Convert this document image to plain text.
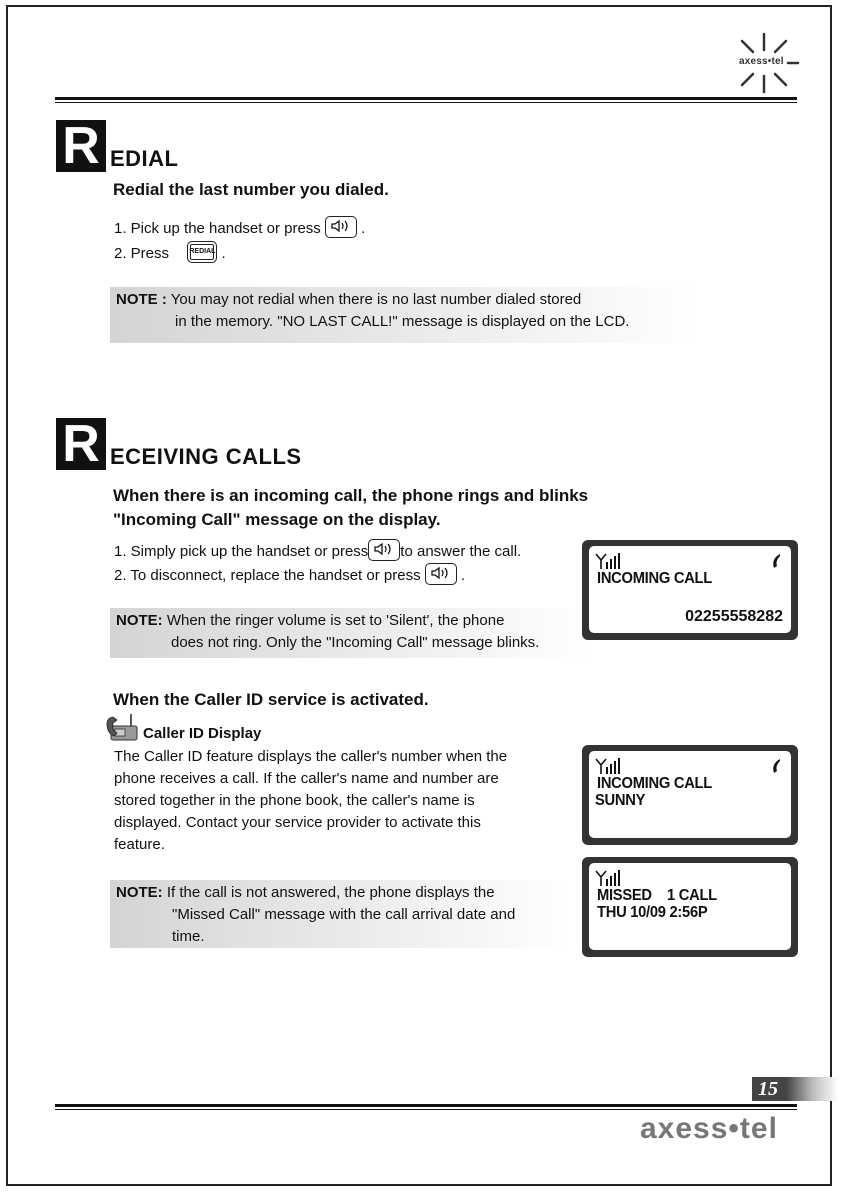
axess•tel
R EDIAL
Redial the last number you dialed.
1. Pick up the handset or press	.
2. Press	REDIAL .
NOTE : You may not redial when there is no last number dialed stored
in the memory. "NO LAST CALL!" message is displayed on the LCD.
R ECEIVING CALLS
When there is an incoming call, the phone rings and blinks
"Incoming Call" message on the display.
1. Simply pick up the handset or press to answer the call.
2. To disconnect, replace the handset or press	.
NOTE: When the ringer volume is set to 'Silent', the phone
does not ring. Only the "Incoming Call" message blinks.
INCOMING CALL
02255558282
When the Caller ID service is activated.
Caller ID Display
The Caller ID feature displays the caller's number when the
phone receives a call. If the caller's name and number are
stored together in the phone book, the caller's name is
displayed. Contact your service provider to activate this
feature.
NOTE: If the call is not answered, the phone displays the
"Missed Call" message with the call arrival date and
time.
INCOMING CALL
SUNNY
MISSED    1 CALL
THU 10/09 2:56P
15
axess•tel
